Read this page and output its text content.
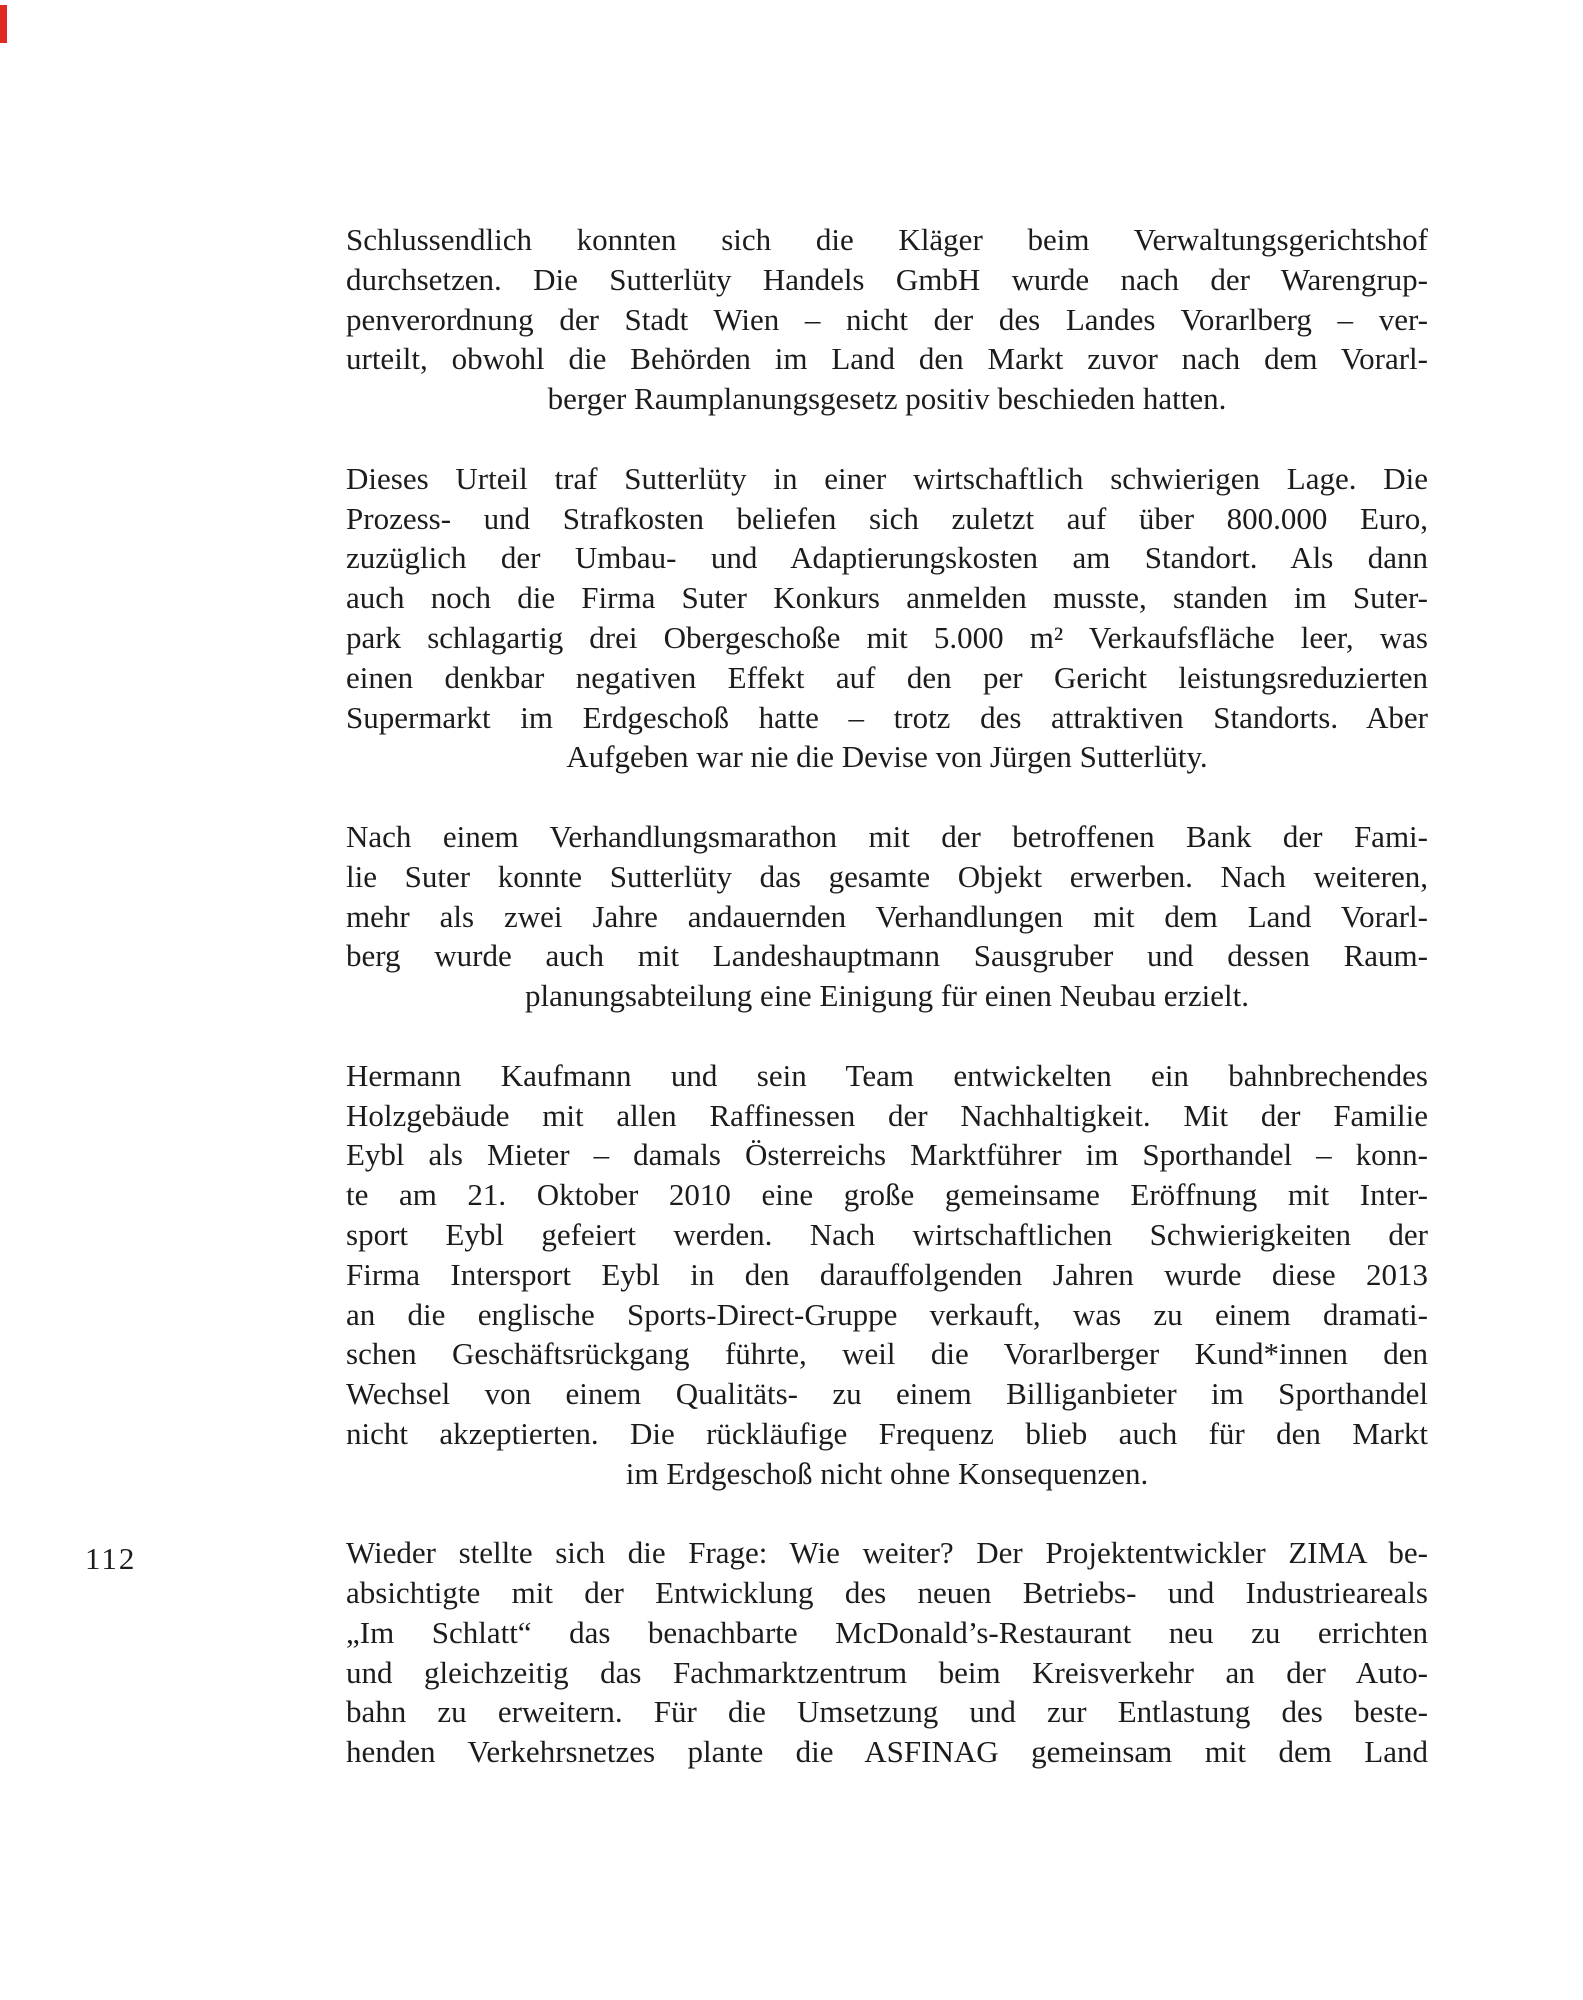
112
Schlussendlich konnten sich die Kläger beim Verwaltungsgerichtshof
durchsetzen. Die Sutterlüty Handels GmbH wurde nach der Warengrup-
penverordnung der Stadt Wien – nicht der des Landes Vorarlberg – ver-
urteilt, obwohl die Behörden im Land den Markt zuvor nach dem Vorarl-
berger Raumplanungsgesetz positiv beschieden hatten.
Dieses Urteil traf Sutterlüty in einer wirtschaftlich schwierigen Lage. Die
Prozess- und Strafkosten beliefen sich zuletzt auf über 800.000 Euro,
zuzüglich der Umbau- und Adaptierungskosten am Standort. Als dann
auch noch die Firma Suter Konkurs anmelden musste, standen im Suter-
park schlagartig drei Obergeschoße mit 5.000 m² Verkaufsfläche leer, was
einen denkbar negativen Effekt auf den per Gericht leistungsreduzierten
Supermarkt im Erdgeschoß hatte – trotz des attraktiven Standorts. Aber
Aufgeben war nie die Devise von Jürgen Sutterlüty.
Nach einem Verhandlungsmarathon mit der betroffenen Bank der Fami-
lie Suter konnte Sutterlüty das gesamte Objekt erwerben. Nach weiteren,
mehr als zwei Jahre andauernden Verhandlungen mit dem Land Vorarl-
berg wurde auch mit Landeshauptmann Sausgruber und dessen Raum-
planungsabteilung eine Einigung für einen Neubau erzielt.
Hermann Kaufmann und sein Team entwickelten ein bahnbrechendes
Holzgebäude mit allen Raffinessen der Nachhaltigkeit. Mit der Familie
Eybl als Mieter – damals Österreichs Marktführer im Sporthandel – konn-
te am 21. Oktober 2010 eine große gemeinsame Eröffnung mit Inter-
sport Eybl gefeiert werden. Nach wirtschaftlichen Schwierigkeiten der
Firma Intersport Eybl in den darauffolgenden Jahren wurde diese 2013
an die englische Sports-Direct-Gruppe verkauft, was zu einem dramati-
schen Geschäftsrückgang führte, weil die Vorarlberger Kund*innen den
Wechsel von einem Qualitäts- zu einem Billiganbieter im Sporthandel
nicht akzeptierten. Die rückläufige Frequenz blieb auch für den Markt
im Erdgeschoß nicht ohne Konsequenzen.
Wieder stellte sich die Frage: Wie weiter? Der Projektentwickler ZIMA be-
absichtigte mit der Entwicklung des neuen Betriebs- und Industrieareals
„Im Schlatt“ das benachbarte McDonald’s-Restaurant neu zu errichten
und gleichzeitig das Fachmarktzentrum beim Kreisverkehr an der Auto-
bahn zu erweitern. Für die Umsetzung und zur Entlastung des beste-
henden Verkehrsnetzes plante die ASFINAG gemeinsam mit dem Land
